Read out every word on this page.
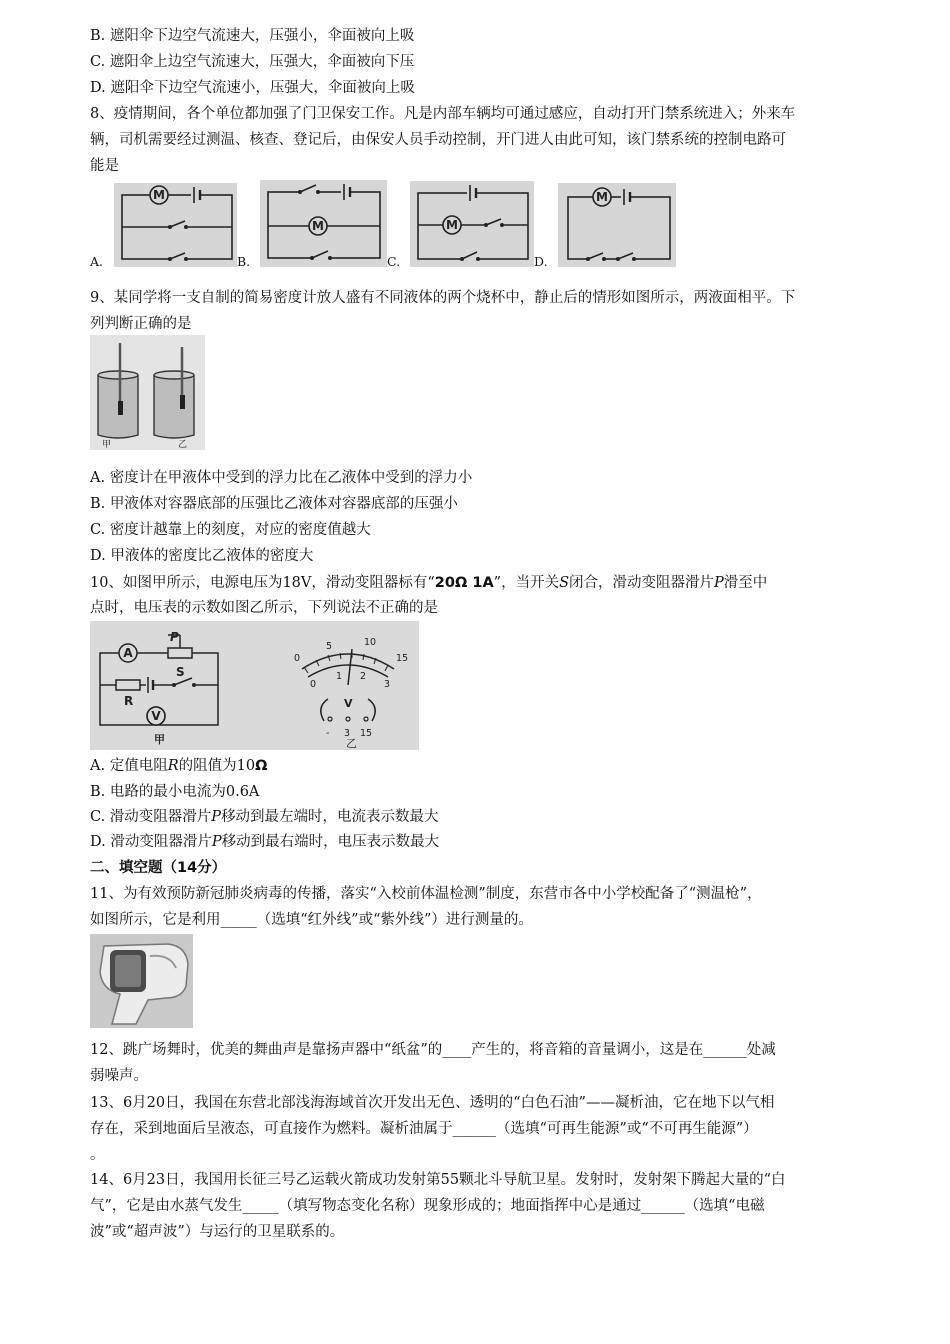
B. 遮阳伞下边空气流速大，压强小，伞面被向上吸
C. 遮阳伞上边空气流速大，压强大，伞面被向下压
D. 遮阳伞下边空气流速小，压强大，伞面被向上吸
8、疫情期间，各个单位都加强了门卫保安工作。凡是内部车辆均可通过感应，自动打开门禁系统进入；外来车
辆，司机需要经过测温、核查、登记后，由保安人员手动控制，开门进人由此可知，该门禁系统的控制电路可
能是
A.
M
B.
M
C.
M
D.
M
9、某同学将一支自制的简易密度计放人盛有不同液体的两个烧杯中，静止后的情形如图所示，两液面相平。下
列判断正确的是
甲	乙
A. 密度计在甲液体中受到的浮力比在乙液体中受到的浮力小
B. 甲液体对容器底部的压强比乙液体对容器底部的压强小
C. 密度计越靠上的刻度，对应的密度值越大
D. 甲液体的密度比乙液体的密度大
10、如图甲所示，电源电压为18V，滑动变阻器标有“20Ω 1A”，当开关S闭合，滑动变阻器滑片P滑至中
点时，电压表的示数如图乙所示，下列说法不正确的是
A
P
S
R
V
甲
0
5	10
15
0
1 2
3
V
- 3 15
乙
A. 定值电阻R的阻值为10Ω
B. 电路的最小电流为0.6A
C. 滑动变阻器滑片P移动到最左端时，电流表示数最大
D. 滑动变阻器滑片P移动到最右端时，电压表示数最大
二、填空题（14分）
11、为有效预防新冠肺炎病毒的传播，落实“入校前体温检测”制度，东营市各中小学校配备了“测温枪”，
如图所示，它是利用_____（选填“红外线”或“紫外线”）进行测量的。
12、跳广场舞时，优美的舞曲声是靠扬声器中“纸盆”的____产生的，将音箱的音量调小，这是在______处减
弱噪声。
13、6月20日，我国在东营北部浅海海域首次开发出无色、透明的“白色石油”——凝析油，它在地下以气相
存在，采到地面后呈液态，可直接作为燃料。凝析油属于______（选填“可再生能源”或“不可再生能源”）
。
14、6月23日，我国用长征三号乙运载火箭成功发射第55颗北斗导航卫星。发射时，发射架下腾起大量的“白
气”，它是由水蒸气发生_____（填写物态变化名称）现象形成的；地面指挥中心是通过______（选填“电磁
波”或“超声波”）与运行的卫星联系的。
